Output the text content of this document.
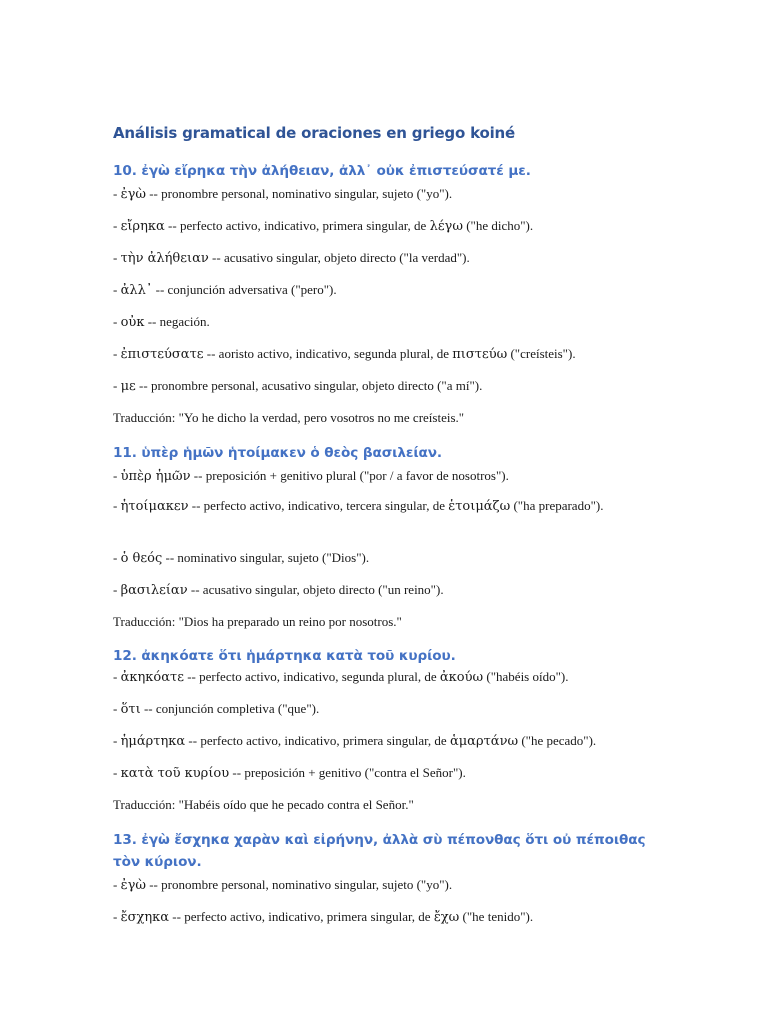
Análisis gramatical de oraciones en griego koiné
10. ἐγὼ εἴρηκα τὴν ἀλήθειαν, ἀλλ᾽ οὐκ ἐπιστεύσατέ με.

- ἐγὼ -- pronombre personal, nominativo singular, sujeto ("yo").

- εἴρηκα -- perfecto activo, indicativo, primera singular, de λέγω ("he dicho").

- τὴν ἀλήθειαν -- acusativo singular, objeto directo ("la verdad").

- ἀλλ᾽ -- conjunción adversativa ("pero").

- οὐκ -- negación.

- ἐπιστεύσατε -- aoristo activo, indicativo, segunda plural, de πιστεύω ("creísteis").

- με -- pronombre personal, acusativo singular, objeto directo ("a mí").

Traducción: "Yo he dicho la verdad, pero vosotros no me creísteis."

11. ὑπὲρ ἡμῶν ἡτοίμακεν ὁ θεὸς βασιλείαν.

- ὑπὲρ ἡμῶν -- preposición + genitivo plural ("por / a favor de nosotros").

- ἡτοίμακεν -- perfecto activo, indicativo, tercera singular, de ἑτοιμάζω ("ha preparado").

- ὁ θεός -- nominativo singular, sujeto ("Dios").

- βασιλείαν -- acusativo singular, objeto directo ("un reino").

Traducción: "Dios ha preparado un reino por nosotros."

12. ἀκηκόατε ὅτι ἡμάρτηκα κατὰ τοῦ κυρίου.

- ἀκηκόατε -- perfecto activo, indicativo, segunda plural, de ἀκούω ("habéis oído").

- ὅτι -- conjunción completiva ("que").

- ἡμάρτηκα -- perfecto activo, indicativo, primera singular, de ἁμαρτάνω ("he pecado").

- κατὰ τοῦ κυρίου -- preposición + genitivo ("contra el Señor").

Traducción: "Habéis oído que he pecado contra el Señor."

13. ἐγὼ ἔσχηκα χαρὰν καὶ εἰρήνην, ἀλλὰ σὺ πέπονθας ὅτι οὐ πέποιθας τὸν κύριον.

- ἐγὼ -- pronombre personal, nominativo singular, sujeto ("yo").

- ἔσχηκα -- perfecto activo, indicativo, primera singular, de ἔχω ("he tenido").
